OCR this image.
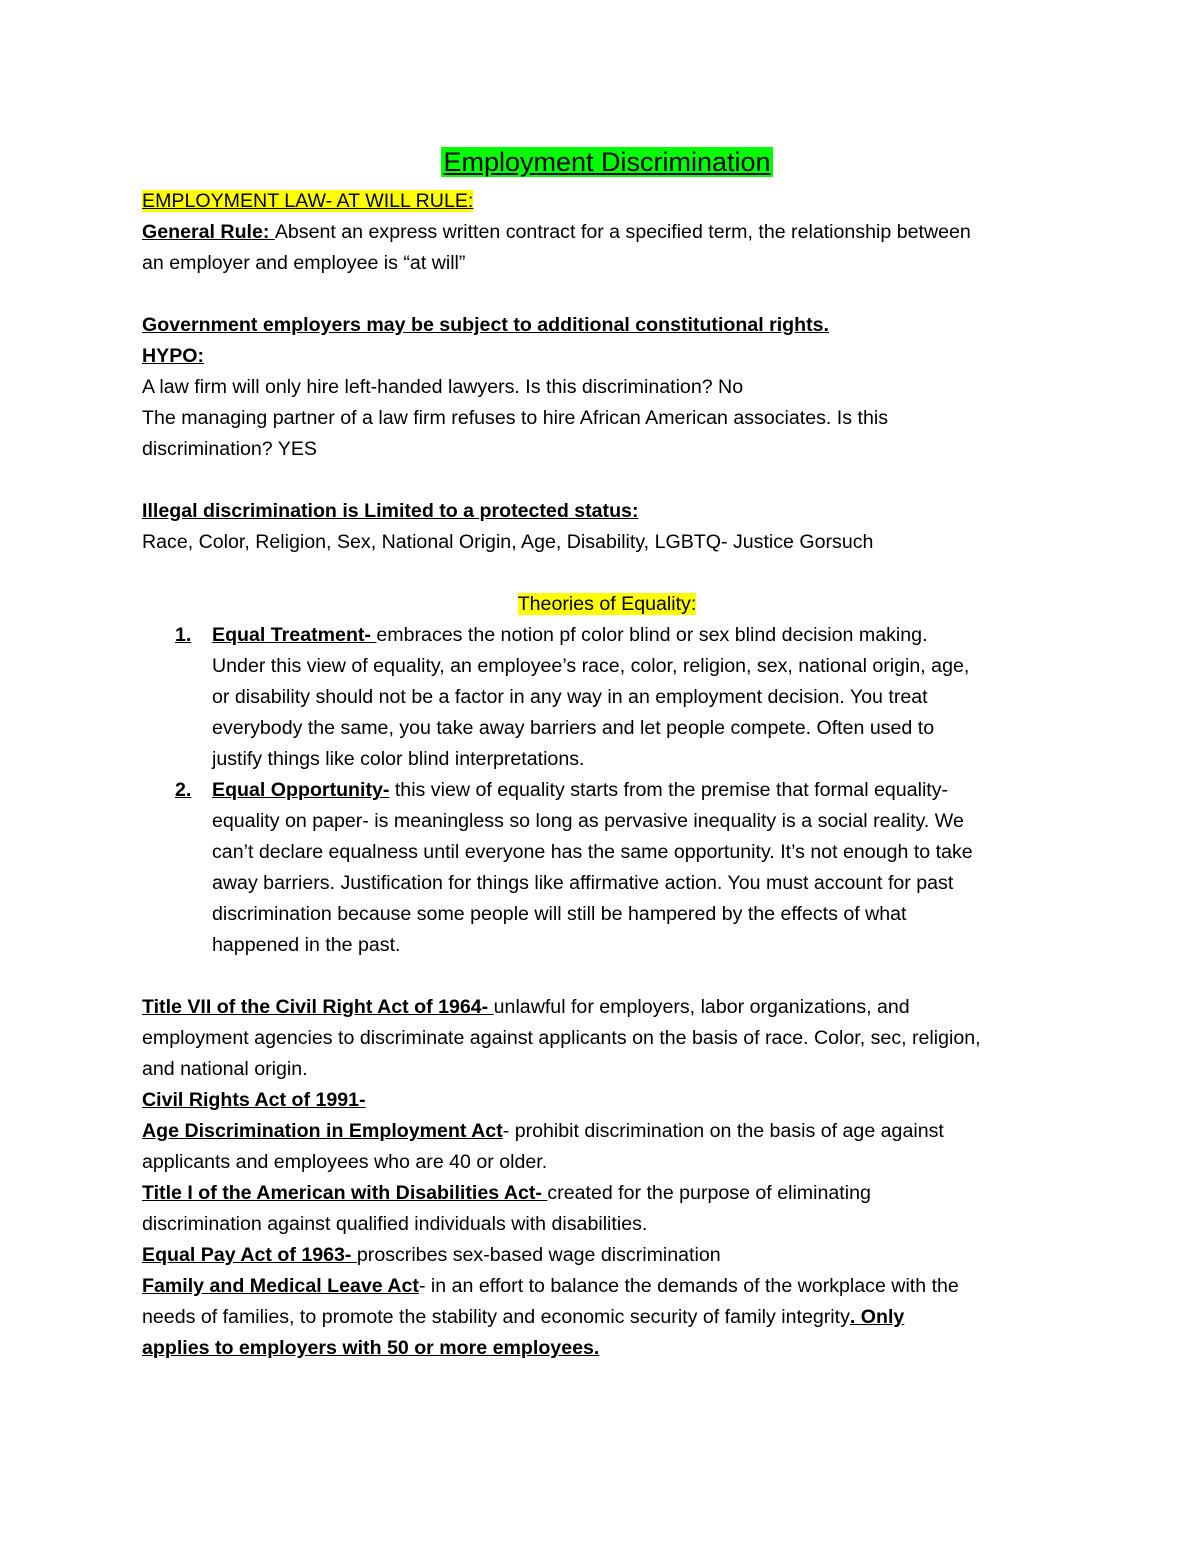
Employment Discrimination
EMPLOYMENT LAW- AT WILL RULE:
General Rule: Absent an express written contract for a specified term, the relationship between
an employer and employee is “at will”
Government employers may be subject to additional constitutional rights.
HYPO:
A law firm will only hire left-handed lawyers. Is this discrimination? No
The managing partner of a law firm refuses to hire African American associates. Is this
discrimination? YES
Illegal discrimination is Limited to a protected status:
Race, Color, Religion, Sex, National Origin, Age, Disability, LGBTQ- Justice Gorsuch
Theories of Equality:
1. Equal Treatment- embraces the notion pf color blind or sex blind decision making.
Under this view of equality, an employee’s race, color, religion, sex, national origin, age,
or disability should not be a factor in any way in an employment decision. You treat
everybody the same, you take away barriers and let people compete. Often used to
justify things like color blind interpretations.
2. Equal Opportunity- this view of equality starts from the premise that formal equality-
equality on paper- is meaningless so long as pervasive inequality is a social reality. We
can’t declare equalness until everyone has the same opportunity. It’s not enough to take
away barriers. Justification for things like affirmative action. You must account for past
discrimination because some people will still be hampered by the effects of what
happened in the past.
Title VII of the Civil Right Act of 1964- unlawful for employers, labor organizations, and
employment agencies to discriminate against applicants on the basis of race. Color, sec, religion,
and national origin.
Civil Rights Act of 1991-
Age Discrimination in Employment Act- prohibit discrimination on the basis of age against
applicants and employees who are 40 or older.
Title I of the American with Disabilities Act- created for the purpose of eliminating
discrimination against qualified individuals with disabilities.
Equal Pay Act of 1963- proscribes sex-based wage discrimination
Family and Medical Leave Act- in an effort to balance the demands of the workplace with the
needs of families, to promote the stability and economic security of family integrity. Only
applies to employers with 50 or more employees.
